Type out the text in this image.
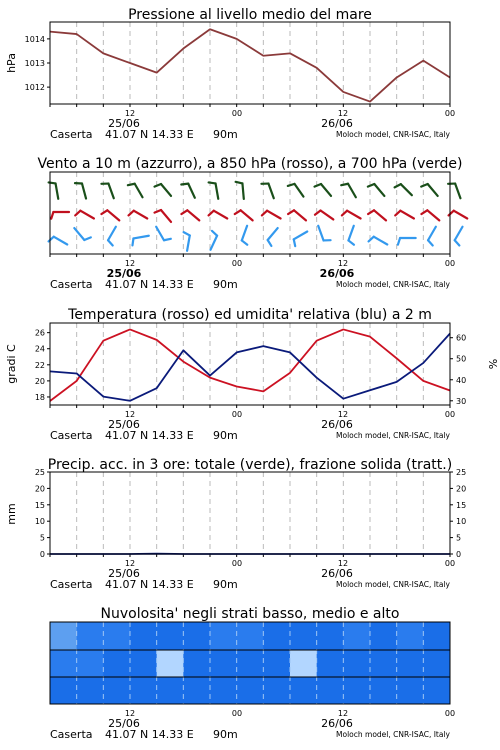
Pressione al livello medio del mare
hPa
1012
1013
1014
12	00	12	00
25/06	26/06
Caserta 41.07 N 14.33 E 90m	Moloch model, CNR-ISAC, Italy
Vento a 10 m (azzurro), a 850 hPa (rosso), a 700 hPa (verde)
12	00	12	00
25/06	26/06
Caserta 41.07 N 14.33 E 90m	Moloch model, CNR-ISAC, Italy
Temperatura (rosso) ed umidita' relativa (blu) a 2 m
gradi C	%
18
20
22
24
26
30
40
50
60
12	00	12	00
25/06	26/06
Caserta 41.07 N 14.33 E 90m	Moloch model, CNR-ISAC, Italy
Precip. acc. in 3 ore: totale (verde), frazione solida (tratt.)
mm
0
5
10
15
20
25
0
5
10
15
20
25
12	00	12	00
25/06	26/06
Caserta 41.07 N 14.33 E 90m	Moloch model, CNR-ISAC, Italy
Nuvolosita' negli strati basso, medio e alto
12	00	12	00
25/06	26/06
Caserta 41.07 N 14.33 E 90m	Moloch model, CNR-ISAC, Italy
